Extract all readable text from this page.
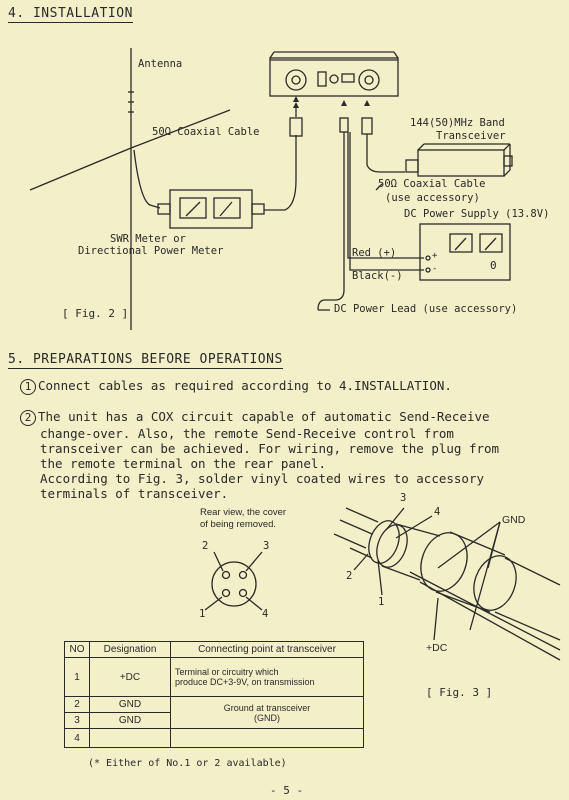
4. INSTALLATION
Antenna
50Ω Coaxial Cable
SWR Meter or
Directional Power Meter
144(50)MHz Band
Transceiver
50Ω Coaxial Cable
(use accessory)
DC Power Supply (13.8V)
+
-	0
Red (+)
Black(-)
DC Power Lead (use accessory)
[ Fig. 2 ]
5. PREPARATIONS BEFORE OPERATIONS
1 Connect cables as required according to 4.INSTALLATION.
2 The unit has a COX circuit capable of automatic Send-Receive
change-over. Also, the remote Send-Receive control from
transceiver can be achieved. For wiring, remove the plug from
the remote terminal on the rear panel.
According to Fig. 3, solder vinyl coated wires to accessory
terminals of transceiver.
Rear view, the cover
of being removed.
2	3
1	4
3
4
2
1
GND
+DC
[ Fig. 3 ]
NO	Designation	Connecting point at transceiver
1	+DC	Terminal or circuitry which
produce DC+3-9V, on transmission

2	GND	Ground at transceiver
(GND)

3	GND	
4		
(* Either of No.1 or 2 available)
- 5 -
